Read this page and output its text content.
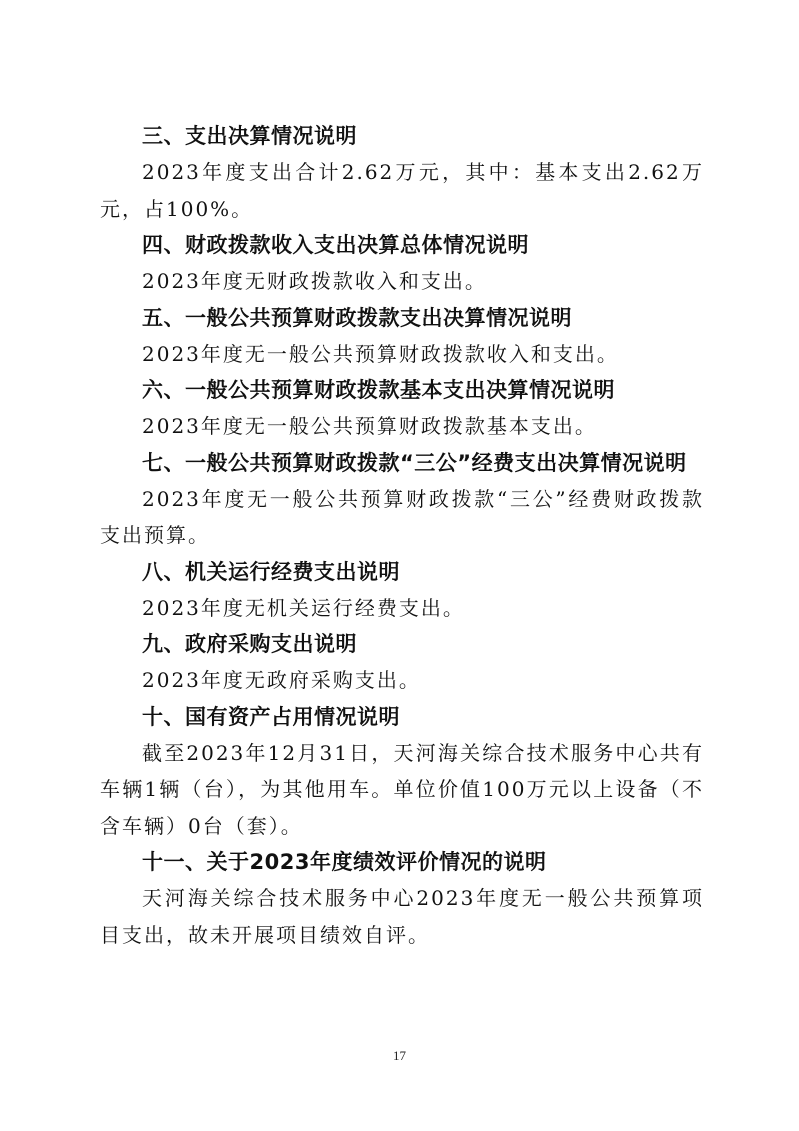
三、支出决算情况说明

2023年度支出合计2.62万元，其中：基本支出2.62万元，占100%。

四、财政拨款收入支出决算总体情况说明

2023年度无财政拨款收入和支出。

五、一般公共预算财政拨款支出决算情况说明

2023年度无一般公共预算财政拨款收入和支出。

六、一般公共预算财政拨款基本支出决算情况说明

2023年度无一般公共预算财政拨款基本支出。

七、一般公共预算财政拨款“三公”经费支出决算情况说明

2023年度无一般公共预算财政拨款“三公”经费财政拨款支出预算。

八、机关运行经费支出说明

2023年度无机关运行经费支出。

九、政府采购支出说明

2023年度无政府采购支出。

十、国有资产占用情况说明

截至2023年12月31日，天河海关综合技术服务中心共有车辆1辆（台），为其他用车。单位价值100万元以上设备（不含车辆）0台（套）。

十一、关于2023年度绩效评价情况的说明

天河海关综合技术服务中心2023年度无一般公共预算项目支出，故未开展项目绩效自评。

17
